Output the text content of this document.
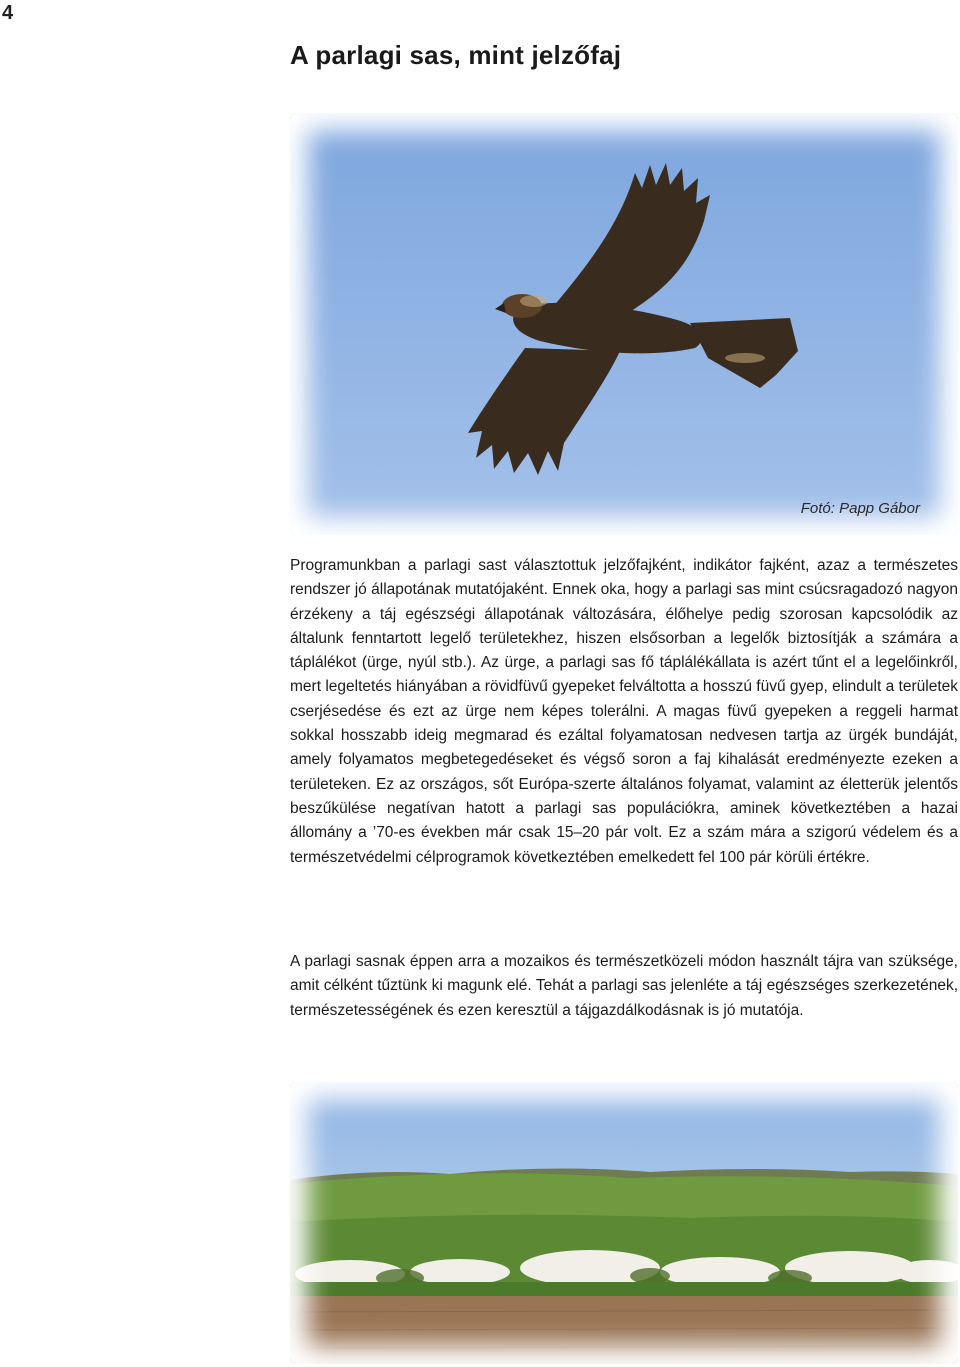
4
A parlagi sas, mint jelzőfaj
Fotó: Papp Gábor

Programunkban a parlagi sast választottuk jelzőfajként, indikátor fajként, azaz a természetes rendszer jó állapotának mutatójaként. Ennek oka, hogy a parlagi sas mint csúcsragadozó nagyon érzékeny a táj egészségi állapotának változására, élőhelye pedig szorosan kapcsolódik az általunk fenntartott legelő területekhez, hiszen elsősorban a legelők biztosítják a számára a táplálékot (ürge, nyúl stb.). Az ürge, a parlagi sas fő táplálékállata is azért tűnt el a legelőinkről, mert legeltetés hiányában a rövidfüvű gyepeket felváltotta a hosszú füvű gyep, elindult a területek cserjésedése és ezt az ürge nem képes tolerálni. A magas füvű gyepeken a reggeli harmat sokkal hosszabb ideig megmarad és ezáltal folyamatosan nedvesen tartja az ürgék bundáját, amely folyamatos megbetegedéseket és végső soron a faj kihalását eredményezte ezeken a területeken. Ez az országos, sőt Európa-szerte általános folyamat, valamint az életterük jelentős beszűkülése negatívan hatott a parlagi sas populációkra, aminek következtében a hazai állomány a ’70-es években már csak 15–20 pár volt. Ez a szám mára a szigorú védelem és a természetvédelmi célprogramok következtében emelkedett fel 100 pár körüli értékre.

A parlagi sasnak éppen arra a mozaikos és természetközeli módon használt tájra van szüksége, amit célként tűztünk ki magunk elé. Tehát a parlagi sas jelenléte a táj egészséges szerkezetének, természetességének és ezen keresztül a tájgazdálkodásnak is jó mutatója.
